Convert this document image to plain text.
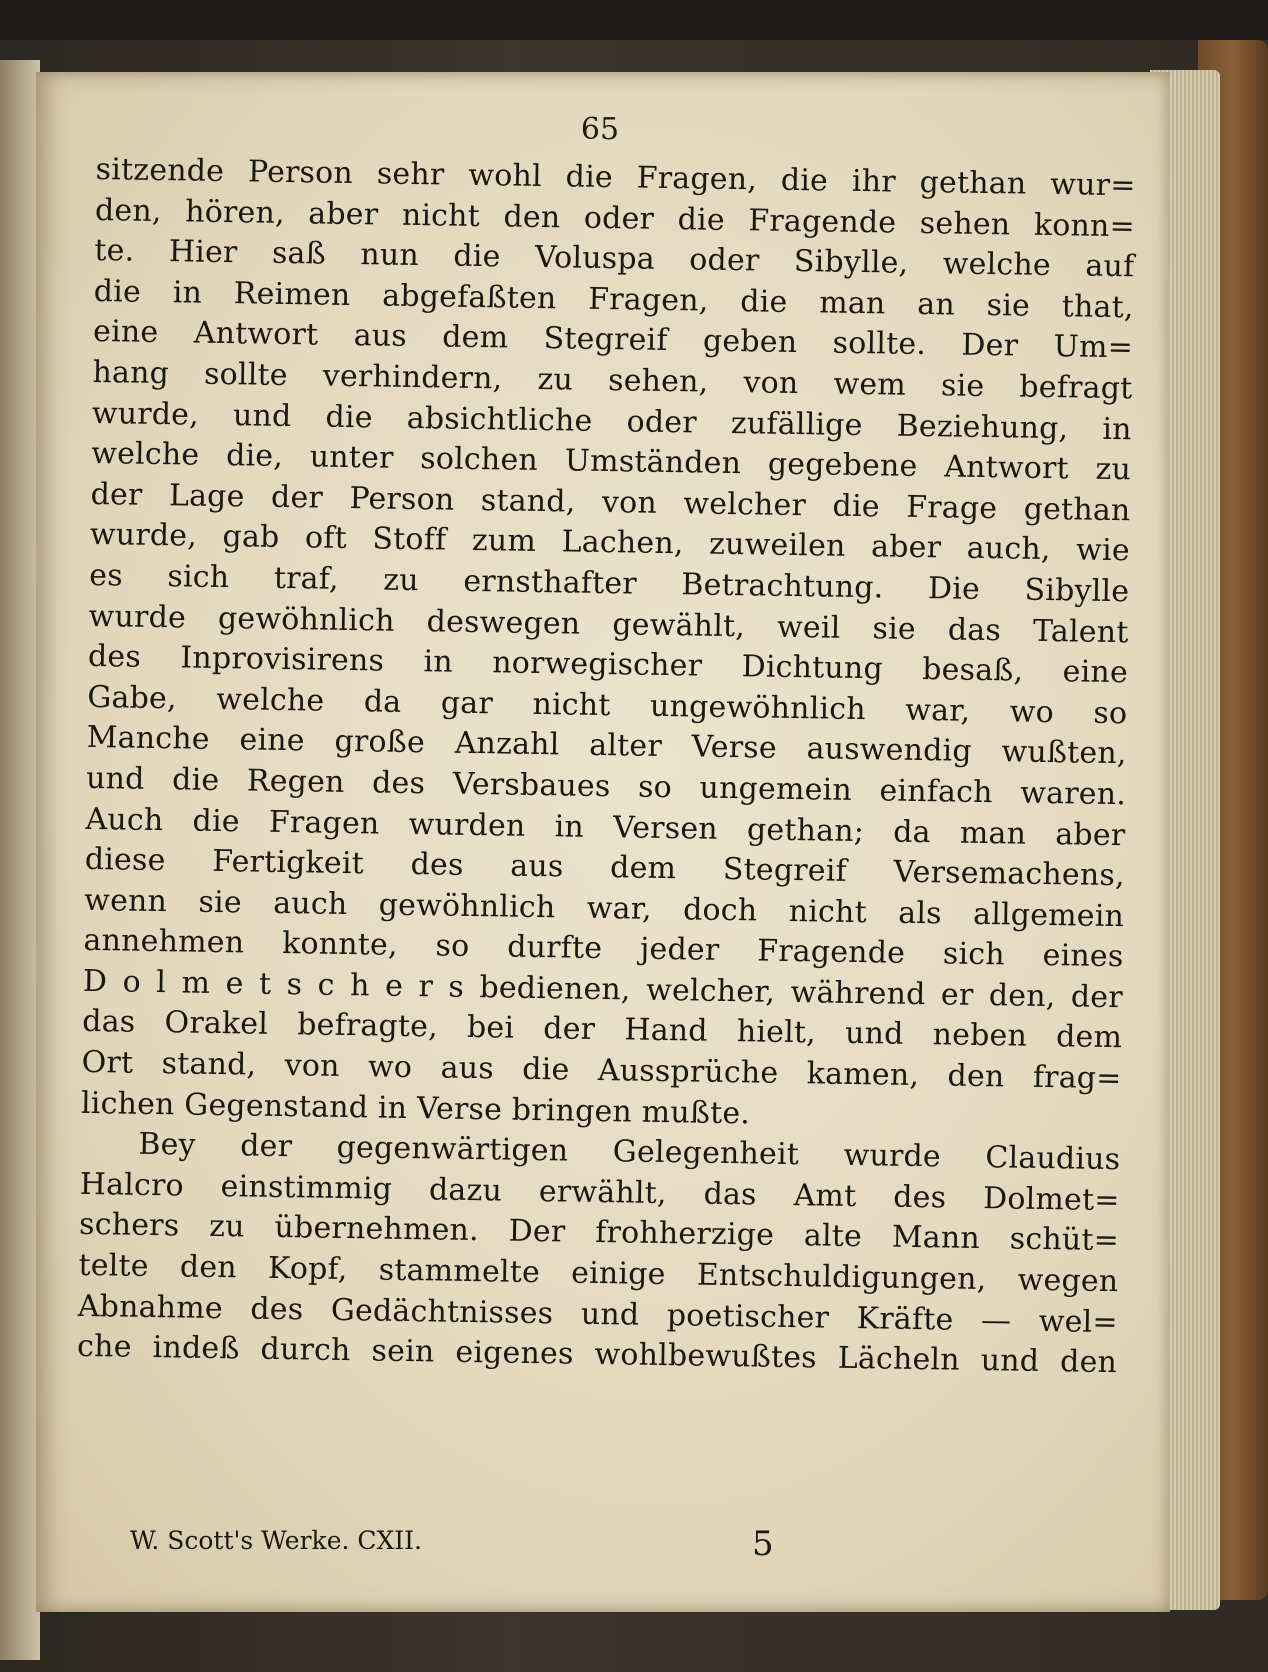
65
sitzende Person sehr wohl die Fragen, die ihr gethan wur=
den, hören, aber nicht den oder die Fragende sehen konn=
te. Hier saß nun die Voluspa oder Sibylle, welche auf
die in Reimen abgefaßten Fragen, die man an sie that,
eine Antwort aus dem Stegreif geben sollte. Der Um=
hang sollte verhindern, zu sehen, von wem sie befragt
wurde, und die absichtliche oder zufällige Beziehung, in
welche die, unter solchen Umständen gegebene Antwort zu
der Lage der Person stand, von welcher die Frage gethan
wurde, gab oft Stoff zum Lachen, zuweilen aber auch, wie
es sich traf, zu ernsthafter Betrachtung. Die Sibylle
wurde gewöhnlich deswegen gewählt, weil sie das Talent
des Inprovisirens in norwegischer Dichtung besaß, eine
Gabe, welche da gar nicht ungewöhnlich war, wo so
Manche eine große Anzahl alter Verse auswendig wußten,
und die Regen des Versbaues so ungemein einfach waren.
Auch die Fragen wurden in Versen gethan; da man aber
diese Fertigkeit des aus dem Stegreif Versemachens,
wenn sie auch gewöhnlich war, doch nicht als allgemein
annehmen konnte, so durfte jeder Fragende sich eines
D o l m e t s c h e r s bedienen, welcher, während er den, der
das Orakel befragte, bei der Hand hielt, und neben dem
Ort stand, von wo aus die Aussprüche kamen, den frag=
lichen Gegenstand in Verse bringen mußte.
Bey der gegenwärtigen Gelegenheit wurde Claudius
Halcro einstimmig dazu erwählt, das Amt des Dolmet=
schers zu übernehmen. Der frohherzige alte Mann schüt=
telte den Kopf, stammelte einige Entschuldigungen, wegen
Abnahme des Gedächtnisses und poetischer Kräfte — wel=
che indeß durch sein eigenes wohlbewußtes Lächeln und den
W. Scott's Werke. CXII.	5
